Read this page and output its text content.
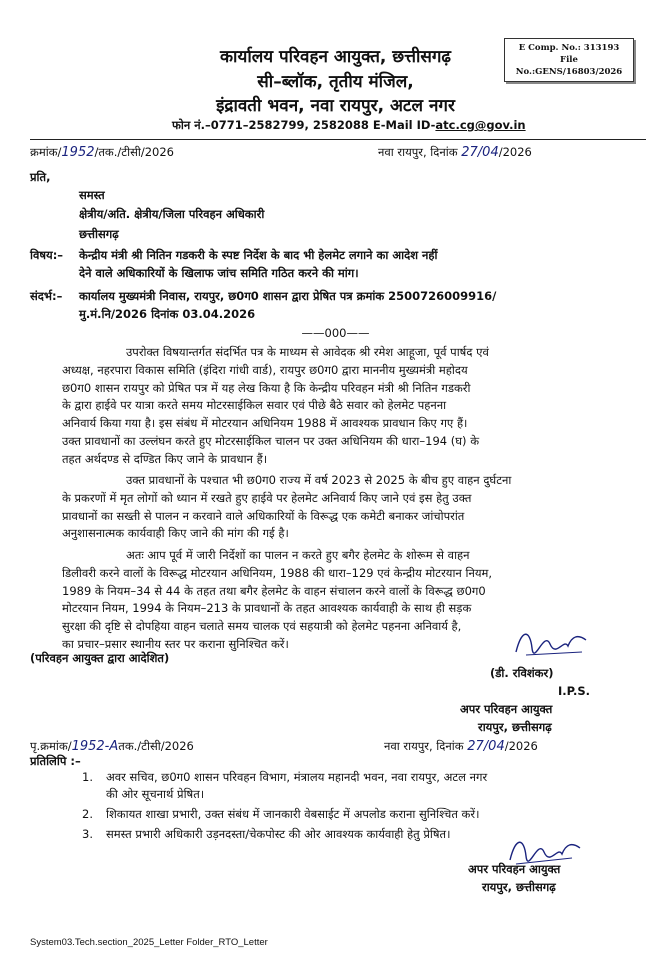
E Comp. No.: 313193
File No.:GENS/16803/2026
कार्यालय परिवहन आयुक्त, छत्तीसगढ़
सी–ब्लॉक, तृतीय मंजिल,
इंद्रावती भवन, नवा रायपुर, अटल नगर
फोन नं.–0771–2582799, 2582088 E-Mail ID-atc.cg@gov.in
क्रमांक/1952/तक./टीसी/2026	नवा रायपुर, दिनांक 27/04/2026
प्रति,
समस्त
क्षेत्रीय/अति. क्षेत्रीय/जिला परिवहन अधिकारी
छत्तीसगढ़
विषय:– केन्द्रीय मंत्री श्री नितिन गडकरी के स्पष्ट निर्देश के बाद भी हेलमेट लगाने का आदेश नहीं
देने वाले अधिकारियों के खिलाफ जांच समिति गठित करने की मांग।
संदर्भ:– कार्यालय मुख्यमंत्री निवास, रायपुर, छ0ग0 शासन द्वारा प्रेषित पत्र क्रमांक 2500726009916/
मु.मं.नि/2026 दिनांक 03.04.2026
——000——
उपरोक्त विषयान्तर्गत संदर्भित पत्र के माध्यम से आवेदक श्री रमेश आहूजा, पूर्व पार्षद एवं
अध्यक्ष, नहरपारा विकास समिति (इंदिरा गांधी वार्ड), रायपुर छ0ग0 द्वारा माननीय मुख्यमंत्री महोदय
छ0ग0 शासन रायपुर को प्रेषित पत्र में यह लेख किया है कि केन्द्रीय परिवहन मंत्री श्री नितिन गडकरी
के द्वारा हाईवे पर यात्रा करते समय मोटरसाईकिल सवार एवं पीछे बैठे सवार को हेलमेट पहनना
अनिवार्य किया गया है। इस संबंध में मोटरयान अधिनियम 1988 में आवश्यक प्रावधान किए गए हैं।
उक्त प्रावधानों का उल्लंघन करते हुए मोटरसाईकिल चालन पर उक्त अधिनियम की धारा–194 (घ) के
तहत अर्थदण्ड से दण्डित किए जाने के प्रावधान हैं।
उक्त प्रावधानों के पश्चात भी छ0ग0 राज्य में वर्ष 2023 से 2025 के बीच हुए वाहन दुर्घटना
के प्रकरणों में मृत लोगों को ध्यान में रखते हुए हाईवे पर हेलमेट अनिवार्य किए जाने एवं इस हेतु उक्त
प्रावधानों का सख्ती से पालन न करवाने वाले अधिकारियों के विरूद्ध एक कमेटी बनाकर जांचोपरांत
अनुशासनात्मक कार्यवाही किए जाने की मांग की गई है।
अतः आप पूर्व में जारी निर्देशों का पालन न करते हुए बगैर हेलमेट के शोरूम से वाहन
डिलीवरी करने वालों के विरूद्ध मोटरयान अधिनियम, 1988 की धारा–129 एवं केन्द्रीय मोटरयान नियम,
1989 के नियम–34 से 44 के तहत तथा बगैर हेलमेट के वाहन संचालन करने वालों के विरूद्ध छ0ग0
मोटरयान नियम, 1994 के नियम–213 के प्रावधानों के तहत आवश्यक कार्यवाही के साथ ही सड़क
सुरक्षा की दृष्टि से दोपहिया वाहन चलाते समय चालक एवं सहयात्री को हेलमेट पहनना अनिवार्य है,
का प्रचार–प्रसार स्थानीय स्तर पर कराना सुनिश्चित करें।
(परिवहन आयुक्त द्वारा आदेशित)
(डी. रविशंकर)
I.P.S.
अपर परिवहन आयुक्त
रायपुर, छत्तीसगढ़
पृ.क्रमांक/1952-Aतक./टीसी/2026	नवा रायपुर, दिनांक 27/04/2026
प्रतिलिपि :–
1. अवर सचिव, छ0ग0 शासन परिवहन विभाग, मंत्रालय महानदी भवन, नवा रायपुर, अटल नगर
की ओर सूचनार्थ प्रेषित।
2. शिकायत शाखा प्रभारी, उक्त संबंध में जानकारी वेबसाईट में अपलोड कराना सुनिश्चित करें।
3. समस्त प्रभारी अधिकारी उड़नदस्ता/चेकपोस्ट की ओर आवश्यक कार्यवाही हेतु प्रेषित।
अपर परिवहन आयुक्त
रायपुर, छत्तीसगढ़
System03.Tech.section_2025_Letter Folder_RTO_Letter
